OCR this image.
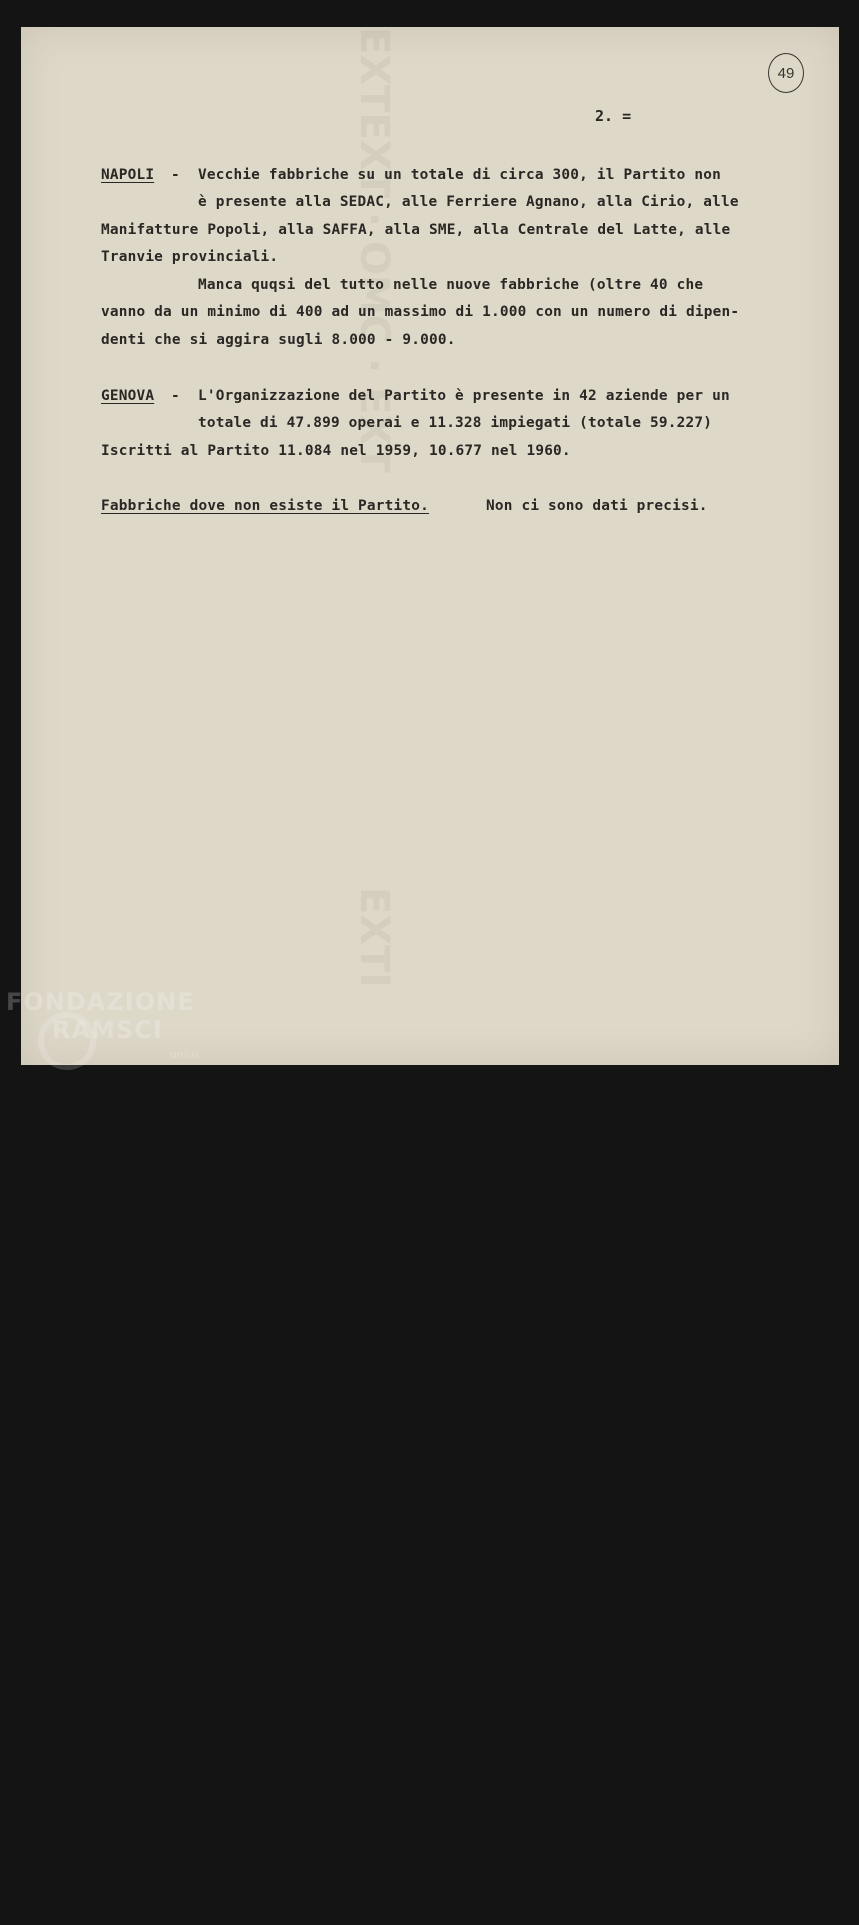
EXTEXT · OMC · EXT
EXTI
49
2. =
NAPOLI - Vecchie fabbriche su un totale di circa 300, il Partito non
è presente alla SEDAC, alle Ferriere Agnano, alla Cirio, alle
Manifatture Popoli, alla SAFFA, alla SME, alla Centrale del Latte, alle
Tranvie provinciali.
Manca quqsi del tutto nelle nuove fabbriche (oltre 40 che
vanno da un minimo di 400 ad un massimo di 1.000 con un numero di dipen-
denti che si aggira sugli 8.000 - 9.000.
GENOVA - L'Organizzazione del Partito è presente in 42 aziende per un
totale di 47.899 operai e 11.328 impiegati (totale 59.227)
Iscritti al Partito 11.084 nel 1959, 10.677 nel 1960.
Fabbriche dove non esiste il Partito.	Non ci sono dati precisi.
FONDAZIONE
RAMSCI
onlus
